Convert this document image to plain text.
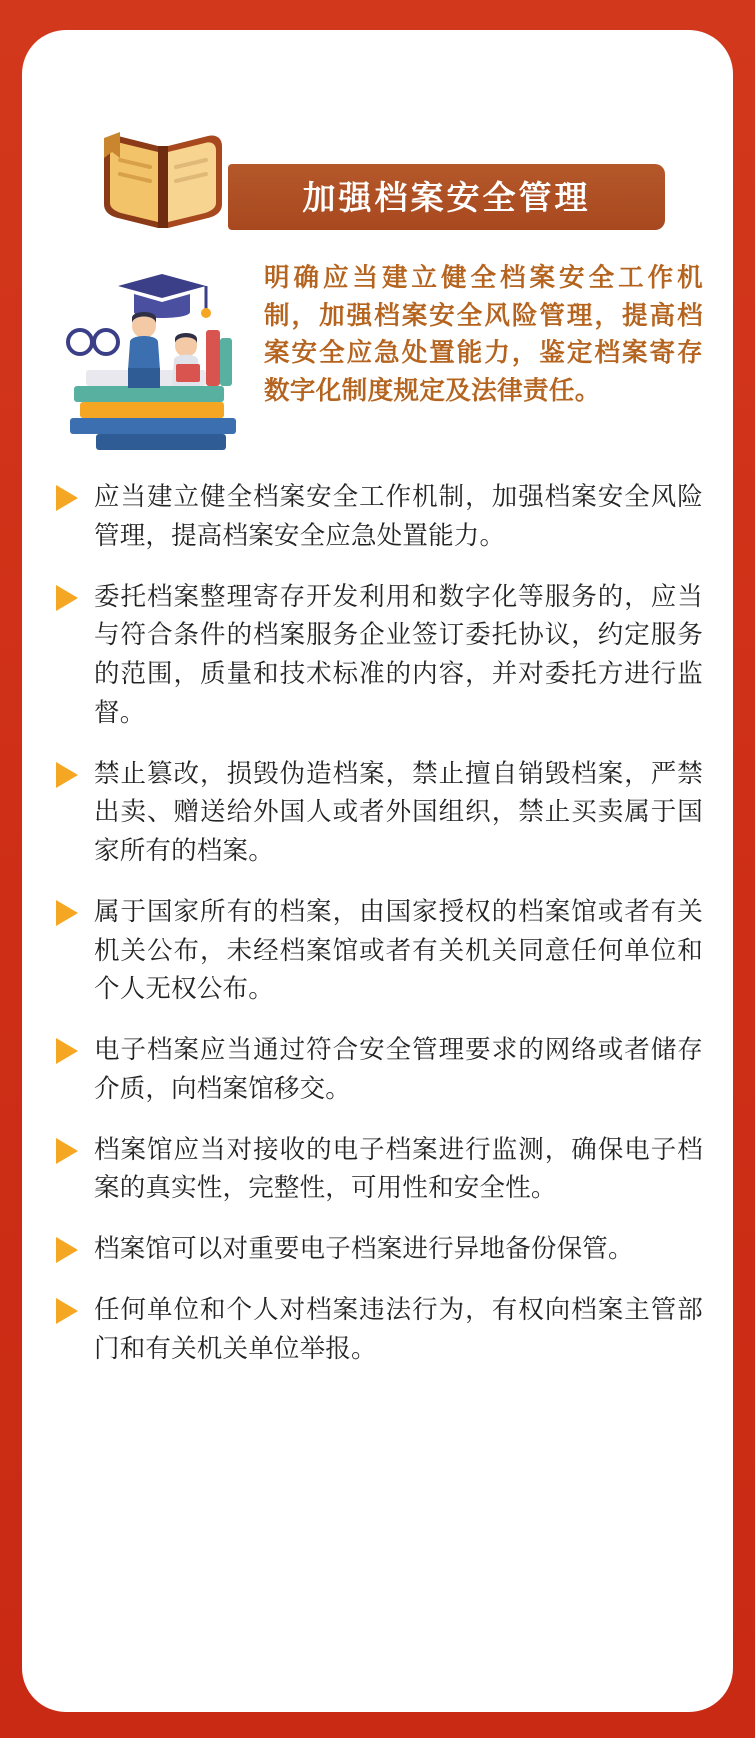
加强档案安全管理
明确应当建立健全档案安全工作机制，加强档案安全风险管理，提高档案安全应急处置能力，鉴定档案寄存数字化制度规定及法律责任。
应当建立健全档案安全工作机制，加强档案安全风险管理，提高档案安全应急处置能力。
委托档案整理寄存开发利用和数字化等服务的，应当与符合条件的档案服务企业签订委托协议，约定服务的范围，质量和技术标准的内容，并对委托方进行监督。
禁止篡改，损毁伪造档案，禁止擅自销毁档案，严禁出卖、赠送给外国人或者外国组织，禁止买卖属于国家所有的档案。
属于国家所有的档案，由国家授权的档案馆或者有关机关公布，未经档案馆或者有关机关同意任何单位和个人无权公布。
电子档案应当通过符合安全管理要求的网络或者储存介质，向档案馆移交。
档案馆应当对接收的电子档案进行监测，确保电子档案的真实性，完整性，可用性和安全性。
档案馆可以对重要电子档案进行异地备份保管。
任何单位和个人对档案违法行为，有权向档案主管部门和有关机关单位举报。
